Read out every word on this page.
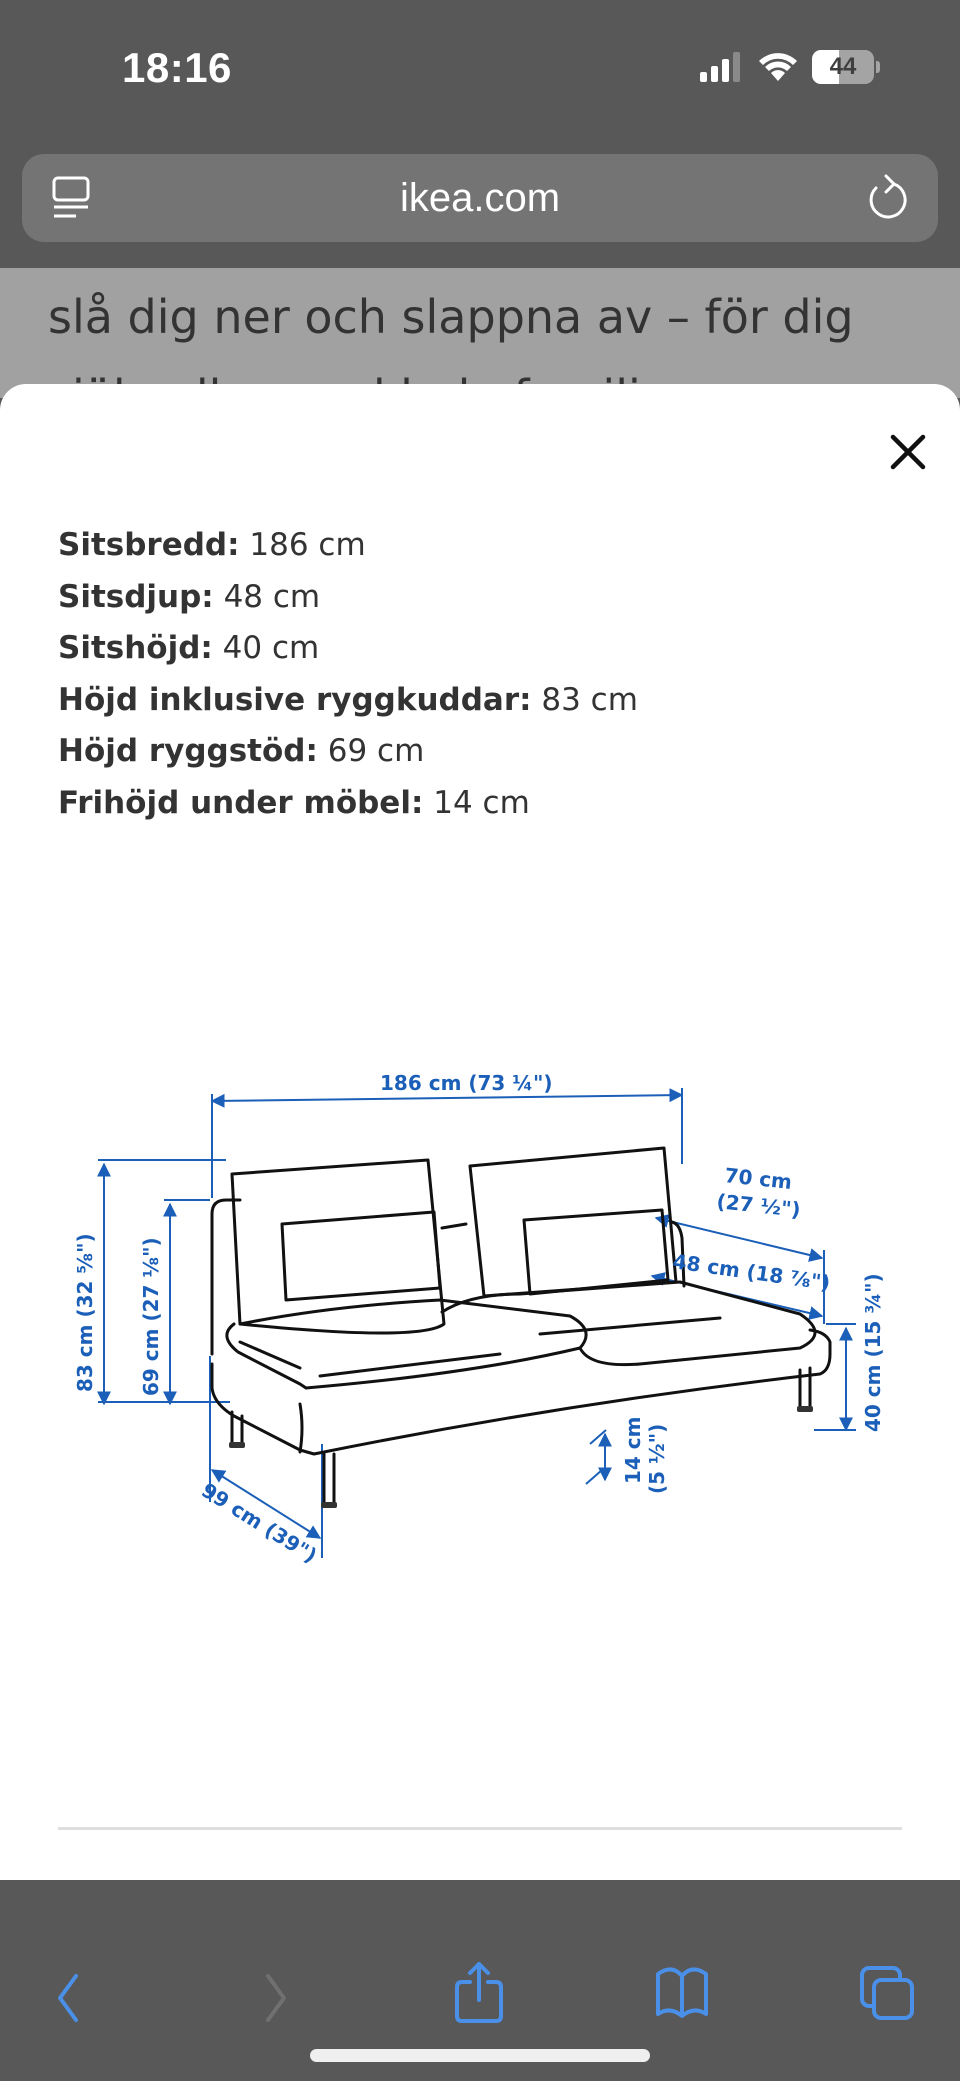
18:16	44
ikea.com
slå dig ner och slappna av – för dig
Sitsbredd: 186 cm
Sitsdjup: 48 cm
Sitshöjd: 40 cm
Höjd inklusive ryggkuddar: 83 cm
Höjd ryggstöd: 69 cm
Frihöjd under möbel: 14 cm
186 cm (73 ¼")
70 cm
(27 ½")
48 cm (18 ⅞")
83 cm (32 ⅝") 69 cm (27 ⅛")	40 cm (15 ¾")
14 cm (5 ½")
99 cm (39")
